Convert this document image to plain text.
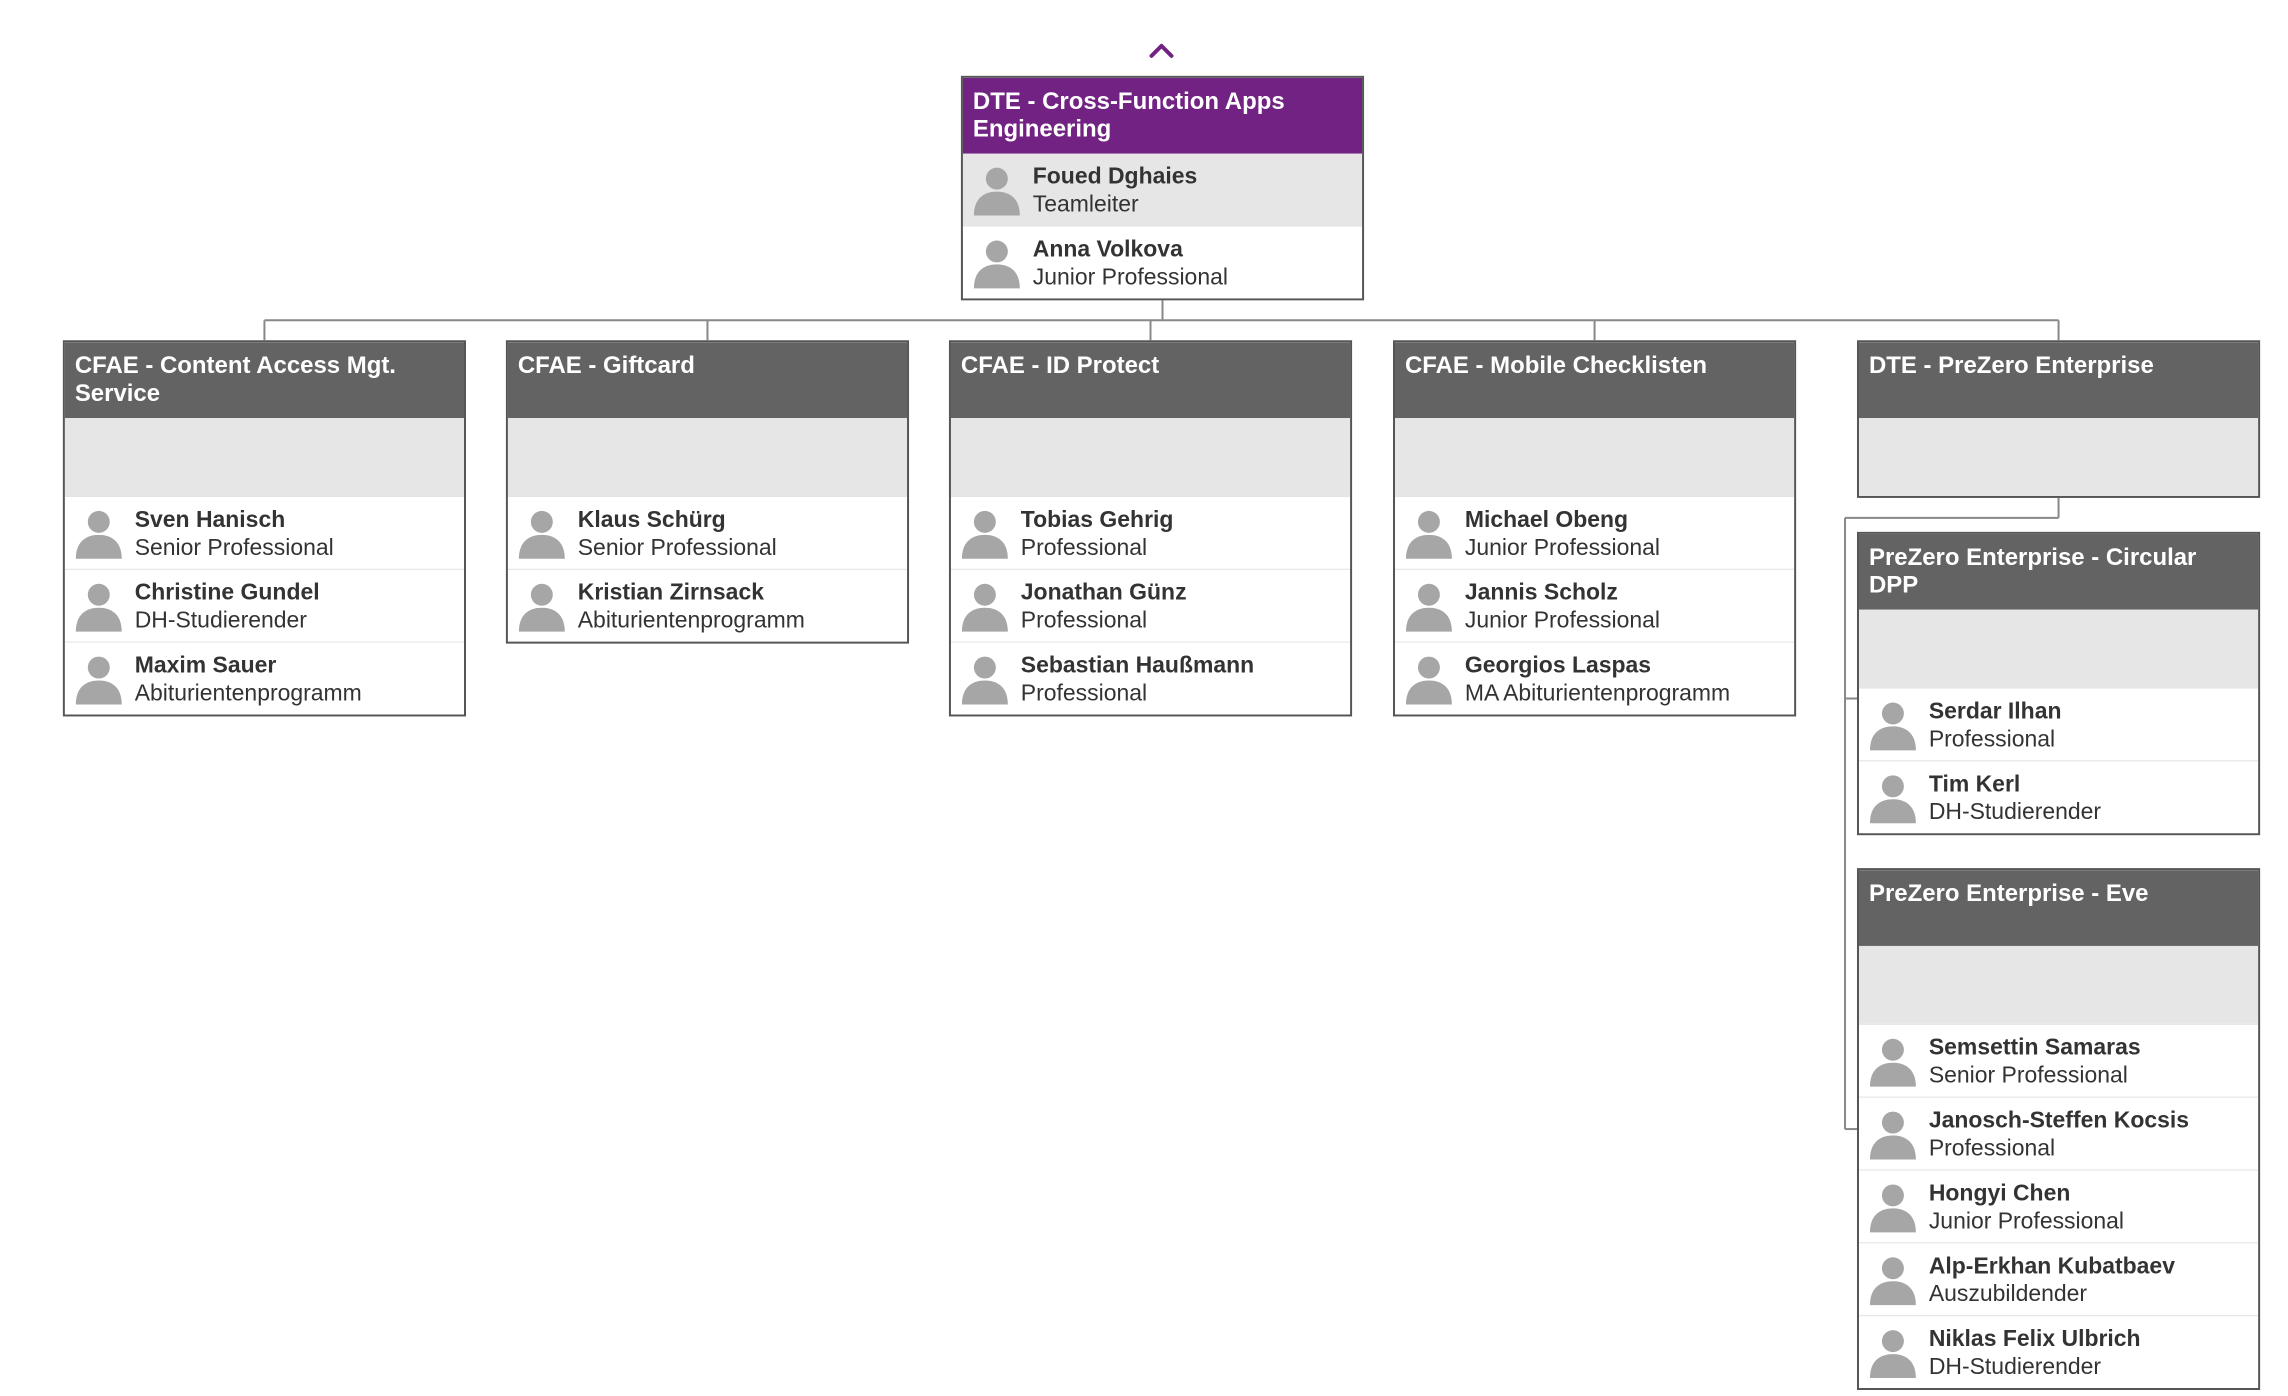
DTE - Cross-Function Apps Engineering
Foued Dghaies
Teamleiter
Anna Volkova
Junior Professional
CFAE - Content Access Mgt. Service
Sven Hanisch
Senior Professional
Christine Gundel
DH-Studierender
Maxim Sauer
Abiturientenprogramm
CFAE - Giftcard
Klaus Schürg
Senior Professional
Kristian Zirnsack
Abiturientenprogramm
CFAE - ID Protect
Tobias Gehrig
Professional
Jonathan Günz
Professional
Sebastian Haußmann
Professional
CFAE - Mobile Checklisten
Michael Obeng
Junior Professional
Jannis Scholz
Junior Professional
Georgios Laspas
MA Abiturientenprogramm
DTE - PreZero Enterprise
PreZero Enterprise - Circular DPP
Serdar Ilhan
Professional
Tim Kerl
DH-Studierender
PreZero Enterprise - Eve
Semsettin Samaras
Senior Professional
Janosch-Steffen Kocsis
Professional
Hongyi Chen
Junior Professional
Alp-Erkhan Kubatbaev
Auszubildender
Niklas Felix Ulbrich
DH-Studierender
